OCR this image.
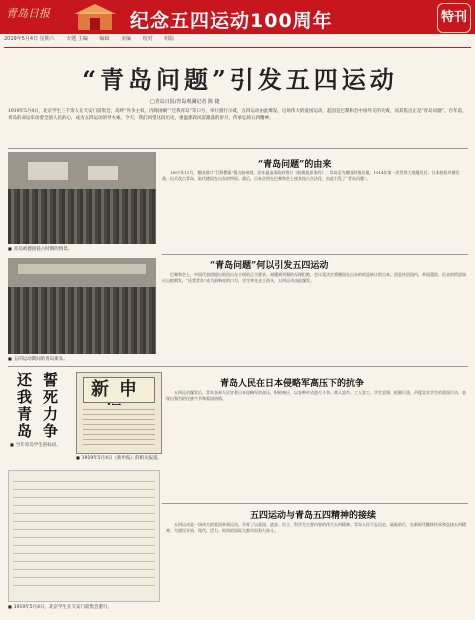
青岛日报	纪念五四运动100周年	特刊
2019年5月4日 星期六 专题 主编 编辑 美编 校对 组版
“青岛问题”引发五四运动
□青岛日报/青岛观澜记者 陈 捷
1919年5月4日，北京学生三千余人在天安门前集会，高呼“外争主权，内除国贼”“还我青岛”等口号，举行游行示威，五四运动由此爆发。这场伟大的爱国运动，起因是巴黎和会中国外交的失败，而其焦点正是“青岛问题”。百年前，青岛的命运牵动着全国人民的心，成为五四运动的导火索。今天，我们回望这段历史，重温那段风雷激荡的岁月，传承弘扬五四精神。
■ 青岛被德国侵占时期的情景。
“青岛问题”的由来

1897年11月，德国借口“巨野教案”强占胶州湾，次年逼迫清政府签订《胶澳租界条约》，青岛沦为德国的殖民地。1914年第一次世界大战爆发后，日本趁机对德宣战，出兵攻占青岛，取代德国在山东的特权。战后，日本企图在巴黎和会上使其侵占合法化，由此引发了“青岛问题”。

“青岛问题”何以引发五四运动

巴黎和会上，中国代表团提出收回山东主权的正当要求，却遭到列强的无理拒绝，会议竟决定将德国在山东的权益转让给日本。消息传回国内，举国震惊，民众的愤怒如火山般喷发，“还我青岛”成为最响亮的口号，学生率先走上街头，五四运动由此爆发。

■ 五四运动期间的青岛街头。
誓死力争
还我青岛
■ 当年青岛学生的标语。
新申
■ 1919年5月4日《新申报》的相关报道。
青岛人民在日本侵略军高压下的抗争

五四运动爆发后，青岛各界人民冒着日本侵略军的高压，积极响应，以各种形式进行斗争。商人罢市、工人罢工、学生罢课，抵制日货，声援北京学生的爱国行动，表现出强烈的民族气节和爱国热情。

五四运动与青岛五四精神的接续

五四运动是一场伟大的爱国革命运动，孕育了以爱国、进步、民主、科学为主要内容的伟大五四精神。青岛人民不忘历史，砥砺前行，在新时代继续传承和弘扬五四精神，为建设开放、现代、活力、时尚的国际大都市而努力奋斗。

■ 1919年5月4日，北京学生在天安门前集会游行。
